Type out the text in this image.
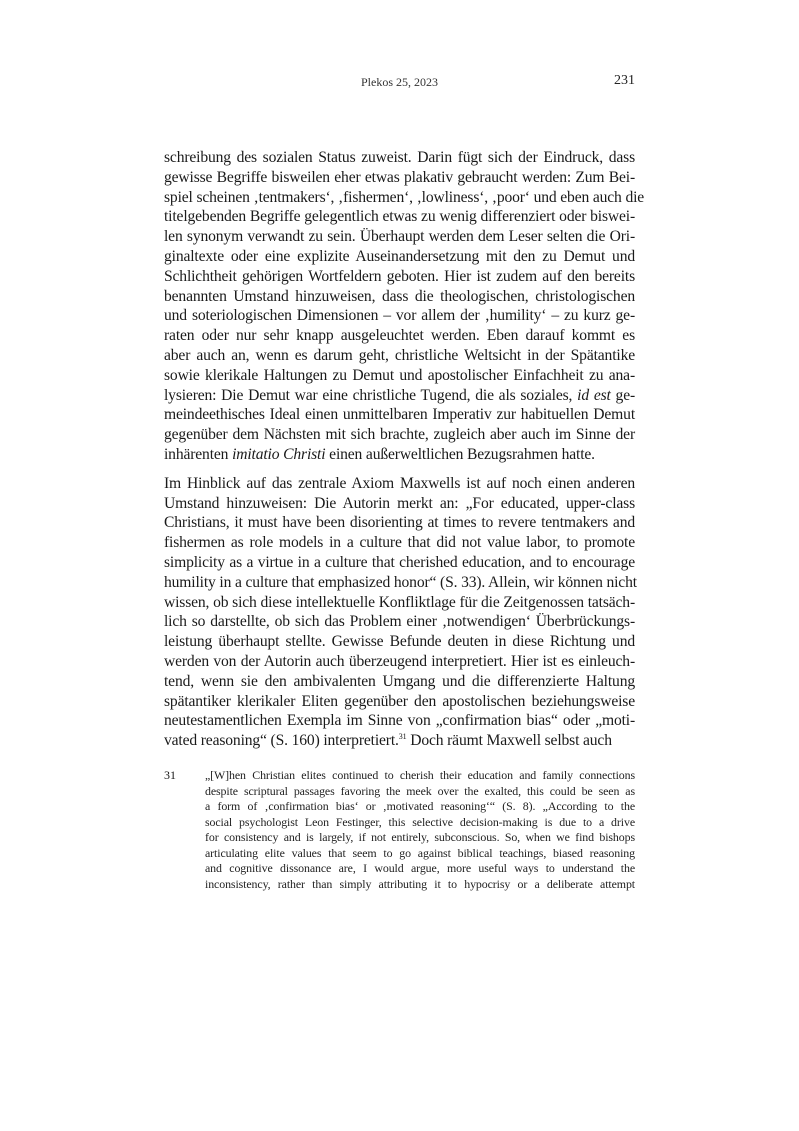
Plekos 25, 2023	231
schreibung des sozialen Status zuweist. Darin fügt sich der Eindruck, dass
gewisse Begriffe bisweilen eher etwas plakativ gebraucht werden: Zum Bei-
spiel scheinen ‚tentmakers‘, ‚fishermen‘, ‚lowliness‘, ‚poor‘ und eben auch die
titelgebenden Begriffe gelegentlich etwas zu wenig differenziert oder biswei-
len synonym verwandt zu sein. Überhaupt werden dem Leser selten die Ori-
ginaltexte oder eine explizite Auseinandersetzung mit den zu Demut und
Schlichtheit gehörigen Wortfeldern geboten. Hier ist zudem auf den bereits
benannten Umstand hinzuweisen, dass die theologischen, christologischen
und soteriologischen Dimensionen – vor allem der ‚humility‘ – zu kurz ge-
raten oder nur sehr knapp ausgeleuchtet werden. Eben darauf kommt es
aber auch an, wenn es darum geht, christliche Weltsicht in der Spätantike
sowie klerikale Haltungen zu Demut und apostolischer Einfachheit zu ana-
lysieren: Die Demut war eine christliche Tugend, die als soziales, id est ge-
meindeethisches Ideal einen unmittelbaren Imperativ zur habituellen Demut
gegenüber dem Nächsten mit sich brachte, zugleich aber auch im Sinne der
inhärenten imitatio Christi einen außerweltlichen Bezugsrahmen hatte.
Im Hinblick auf das zentrale Axiom Maxwells ist auf noch einen anderen
Umstand hinzuweisen: Die Autorin merkt an: „For educated, upper-class
Christians, it must have been disorienting at times to revere tentmakers and
fishermen as role models in a culture that did not value labor, to promote
simplicity as a virtue in a culture that cherished education, and to encourage
humility in a culture that emphasized honor“ (S. 33). Allein, wir können nicht
wissen, ob sich diese intellektuelle Konfliktlage für die Zeitgenossen tatsäch-
lich so darstellte, ob sich das Problem einer ‚notwendigen‘ Überbrückungs-
leistung überhaupt stellte. Gewisse Befunde deuten in diese Richtung und
werden von der Autorin auch überzeugend interpretiert. Hier ist es einleuch-
tend, wenn sie den ambivalenten Umgang und die differenzierte Haltung
spätantiker klerikaler Eliten gegenüber den apostolischen beziehungsweise
neutestamentlichen Exempla im Sinne von „confirmation bias“ oder „moti-
vated reasoning“ (S. 160) interpretiert.$^{31}$ Doch räumt Maxwell selbst auch
31 „[W]hen Christian elites continued to cherish their education and family connections
despite scriptural passages favoring the meek over the exalted, this could be seen as
a form of ‚confirmation bias‘ or ‚motivated reasoning‘“ (S. 8). „According to the
social psychologist Leon Festinger, this selective decision-making is due to a drive
for consistency and is largely, if not entirely, subconscious. So, when we find bishops
articulating elite values that seem to go against biblical teachings, biased reasoning
and cognitive dissonance are, I would argue, more useful ways to understand the
inconsistency, rather than simply attributing it to hypocrisy or a deliberate attempt
